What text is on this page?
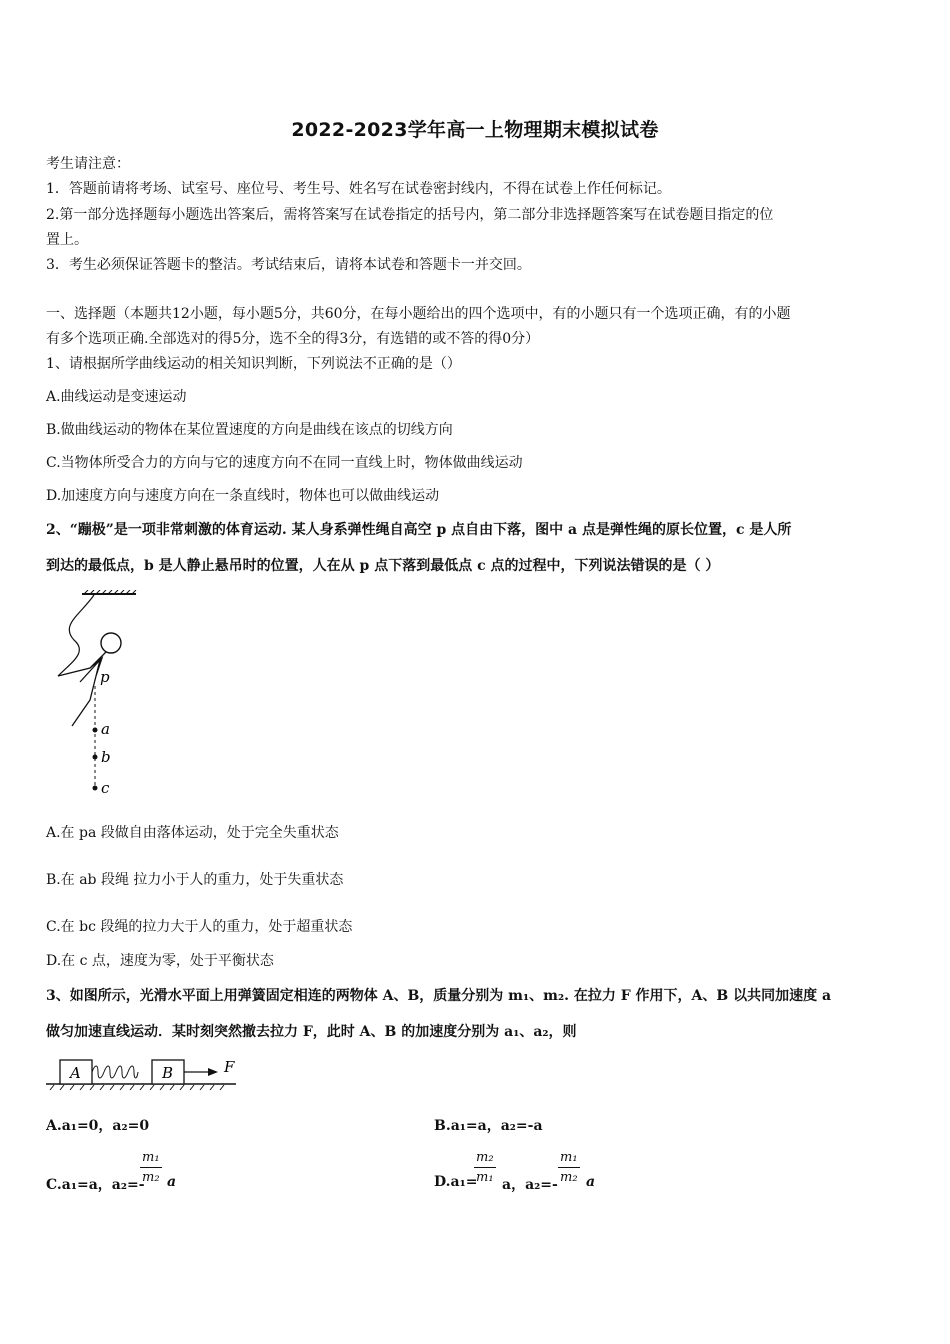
2022-2023学年高一上物理期末模拟试卷
考生请注意：
1．答题前请将考场、试室号、座位号、考生号、姓名写在试卷密封线内，不得在试卷上作任何标记。
2.第一部分选择题每小题选出答案后，需将答案写在试卷指定的括号内，第二部分非选择题答案写在试卷题目指定的位
置上。
3．考生必须保证答题卡的整洁。考试结束后，请将本试卷和答题卡一并交回。
一、选择题（本题共12小题，每小题5分，共60分，在每小题给出的四个选项中，有的小题只有一个选项正确，有的小题
有多个选项正确.全部选对的得5分，选不全的得3分，有选错的或不答的得0分）
1、请根据所学曲线运动的相关知识判断，下列说法不正确的是（）
A.曲线运动是变速运动
B.做曲线运动的物体在某位置速度的方向是曲线在该点的切线方向
C.当物体所受合力的方向与它的速度方向不在同一直线上时，物体做曲线运动
D.加速度方向与速度方向在一条直线时，物体也可以做曲线运动
2、“蹦极”是一项非常刺激的体育运动. 某人身系弹性绳自高空 p 点自由下落，图中 a 点是弹性绳的原长位置，c 是人所
到达的最低点，b 是人静止悬吊时的位置，人在从 p 点下落到最低点 c 点的过程中，下列说法错误的是（ ）
p
a
b
c
A.在 pa 段做自由落体运动，处于完全失重状态
B.在 ab 段绳 拉力小于人的重力，处于失重状态
C.在 bc 段绳的拉力大于人的重力，处于超重状态
D.在 c 点，速度为零，处于平衡状态
3、如图所示，光滑水平面上用弹簧固定相连的两物体 A、B，质量分别为 m₁、m₂. 在拉力 F 作用下，A、B 以共同加速度 a
做匀加速直线运动．某时刻突然撤去拉力 F，此时 A、B 的加速度分别为 a₁、a₂，则
A	B	F
A.a₁=0，a₂=0	B.a₁=a，a₂=-a
C.a₁=a，a₂=-
m₁
m₂ a	D.a₁=
m₂
m₁ a，a₂=-
m₁
m₂ a
